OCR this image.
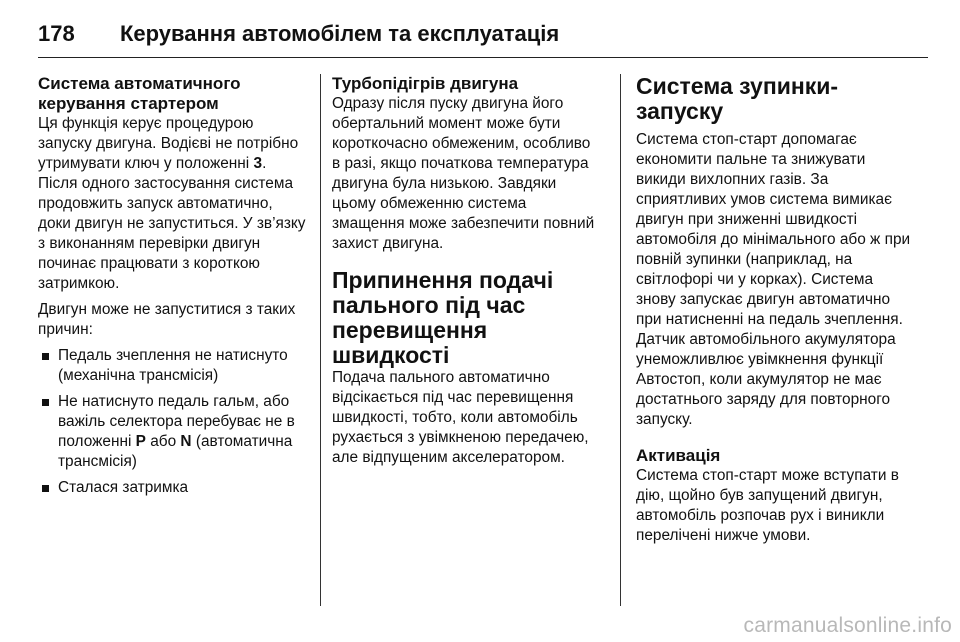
178	Керування автомобілем та експлуатація
Система автоматичного
керування стартером

Ця функція керує процедурою запуску двигуна. Водієві не потрібно утримувати ключ у положенні 3. Після одного застосування система продовжить запуск автоматично, доки двигун не запуститься. У зв’язку з виконанням перевірки двигун починає працювати з короткою затримкою.

Двигун може не запуститися з таких причин:

Педаль зчеплення не натиснуто (механічна трансмісія)
Не натиснуто педаль гальм, або важіль селектора перебуває не в положенні P або N (автоматична трансмісія)
Сталася затримка
Турбопідігрів двигуна

Одразу після пуску двигуна його обертальний момент може бути короткочасно обмеженим, особливо в разі, якщо початкова температура двигуна була низькою. Завдяки цьому обмеженню система змащення може забезпечити повний захист двигуна.

Припинення подачі
пального під час
перевищення швидкості

Подача пального автоматично відсікається під час перевищення швидкості, тобто, коли автомобіль рухається з увімкненою передачею, але відпущеним акселератором.

Система зупинки-запуску

Система стоп-старт допомагає економити пальне та знижувати викиди вихлопних газів. За сприятливих умов система вимикає двигун при зниженні швидкості автомобіля до мінімального або ж при повній зупинки (наприклад, на світлофорі чи у корках). Система знову запускає двигун автоматично при натисненні на педаль зчеплення. Датчик автомобільного акумулятора унеможливлює увімкнення функції Автостоп, коли акумулятор не має достатнього заряду для повторного запуску.

Активація

Система стоп-старт може вступати в дію, щойно був запущений двигун, автомобіль розпочав рух і виникли перелічені нижче умови.

carmanualsonline.info
